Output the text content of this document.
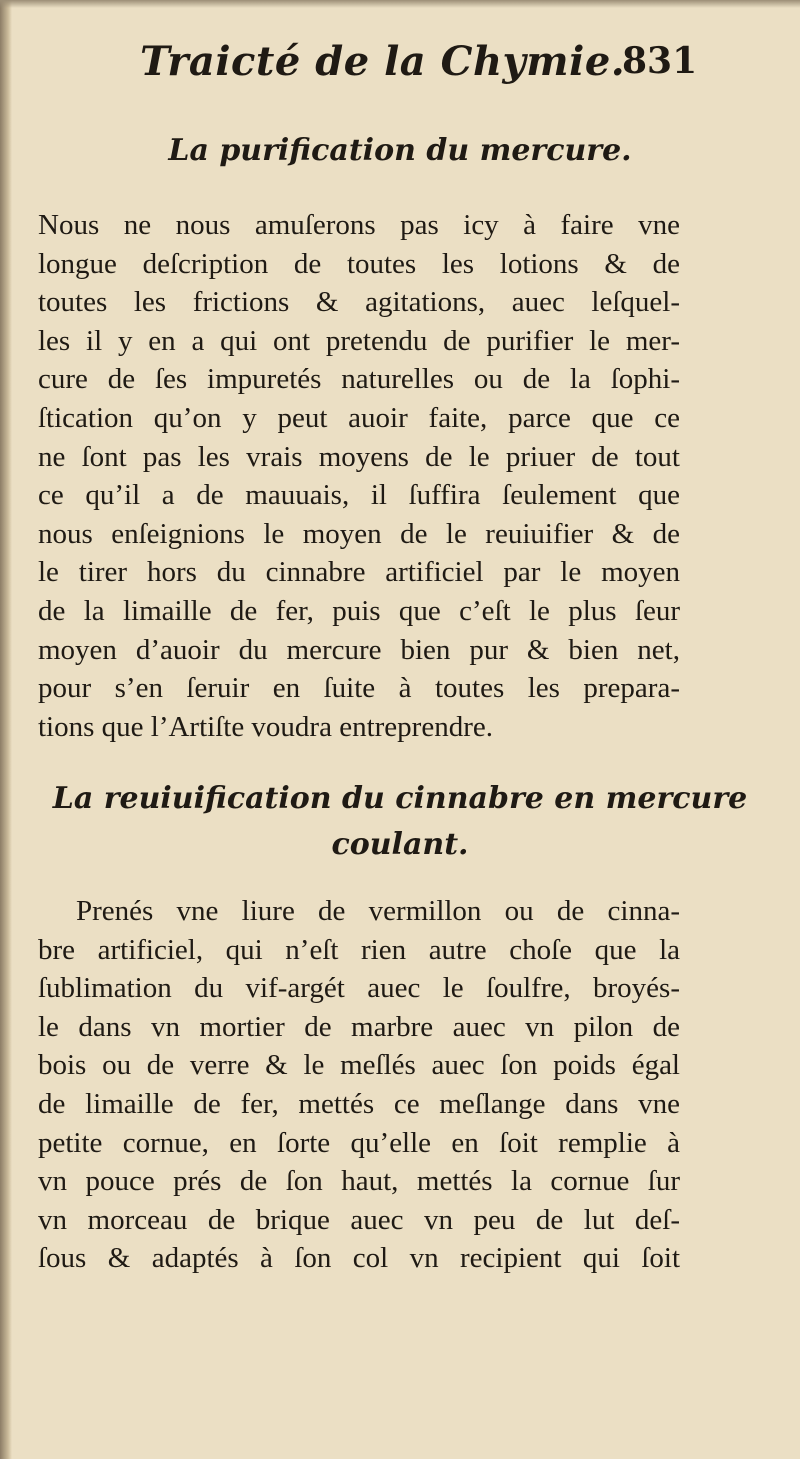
Traicté de la Chymie.
831
La purification du mercure.
Nous ne nous amuſerons pas icy à faire vne
longue deſcription de toutes les lotions & de
toutes les frictions & agitations, auec leſquel-
les il y en a qui ont pretendu de purifier le mer-
cure de ſes impuretés naturelles ou de la ſophi-
ſtication qu’on y peut auoir faite, parce que ce
ne ſont pas les vrais moyens de le priuer de tout
ce qu’il a de mauuais, il ſuffira ſeulement que
nous enſeignions le moyen de le reuiuifier & de
le tirer hors du cinnabre artificiel par le moyen
de la limaille de fer, puis que c’eſt le plus ſeur
moyen d’auoir du mercure bien pur & bien net,
pour s’en ſeruir en ſuite à toutes les prepara-
tions que l’Artiſte voudra entreprendre.
La reuiuification du cinnabre en mercure
coulant.
Prenés vne liure de vermillon ou de cinna-
bre artificiel, qui n’eſt rien autre choſe que la
ſublimation du vif-argét auec le ſoulfre, broyés-
le dans vn mortier de marbre auec vn pilon de
bois ou de verre & le meſlés auec ſon poids égal
de limaille de fer, mettés ce meſlange dans vne
petite cornue, en ſorte qu’elle en ſoit remplie à
vn pouce prés de ſon haut, mettés la cornue ſur
vn morceau de brique auec vn peu de lut deſ-
ſous & adaptés à ſon col vn recipient qui ſoit
